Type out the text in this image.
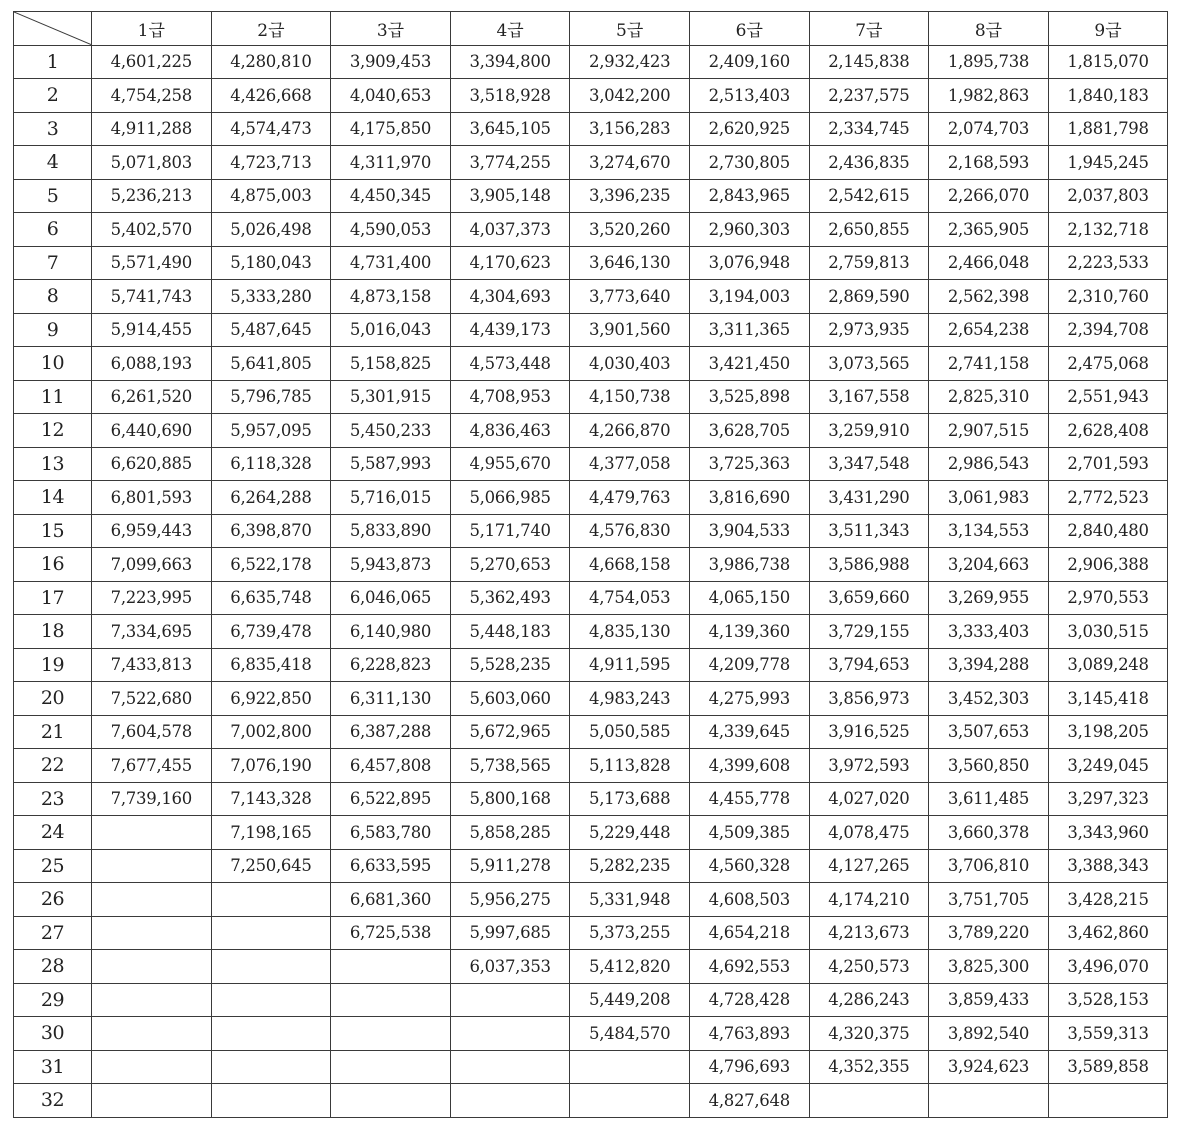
	1급	2급	3급	4급	5급	6급	7급	8급	9급
1	4,601,225	4,280,810	3,909,453	3,394,800	2,932,423	2,409,160	2,145,838	1,895,738	1,815,070
2	4,754,258	4,426,668	4,040,653	3,518,928	3,042,200	2,513,403	2,237,575	1,982,863	1,840,183
3	4,911,288	4,574,473	4,175,850	3,645,105	3,156,283	2,620,925	2,334,745	2,074,703	1,881,798
4	5,071,803	4,723,713	4,311,970	3,774,255	3,274,670	2,730,805	2,436,835	2,168,593	1,945,245
5	5,236,213	4,875,003	4,450,345	3,905,148	3,396,235	2,843,965	2,542,615	2,266,070	2,037,803
6	5,402,570	5,026,498	4,590,053	4,037,373	3,520,260	2,960,303	2,650,855	2,365,905	2,132,718
7	5,571,490	5,180,043	4,731,400	4,170,623	3,646,130	3,076,948	2,759,813	2,466,048	2,223,533
8	5,741,743	5,333,280	4,873,158	4,304,693	3,773,640	3,194,003	2,869,590	2,562,398	2,310,760
9	5,914,455	5,487,645	5,016,043	4,439,173	3,901,560	3,311,365	2,973,935	2,654,238	2,394,708
10	6,088,193	5,641,805	5,158,825	4,573,448	4,030,403	3,421,450	3,073,565	2,741,158	2,475,068
11	6,261,520	5,796,785	5,301,915	4,708,953	4,150,738	3,525,898	3,167,558	2,825,310	2,551,943
12	6,440,690	5,957,095	5,450,233	4,836,463	4,266,870	3,628,705	3,259,910	2,907,515	2,628,408
13	6,620,885	6,118,328	5,587,993	4,955,670	4,377,058	3,725,363	3,347,548	2,986,543	2,701,593
14	6,801,593	6,264,288	5,716,015	5,066,985	4,479,763	3,816,690	3,431,290	3,061,983	2,772,523
15	6,959,443	6,398,870	5,833,890	5,171,740	4,576,830	3,904,533	3,511,343	3,134,553	2,840,480
16	7,099,663	6,522,178	5,943,873	5,270,653	4,668,158	3,986,738	3,586,988	3,204,663	2,906,388
17	7,223,995	6,635,748	6,046,065	5,362,493	4,754,053	4,065,150	3,659,660	3,269,955	2,970,553
18	7,334,695	6,739,478	6,140,980	5,448,183	4,835,130	4,139,360	3,729,155	3,333,403	3,030,515
19	7,433,813	6,835,418	6,228,823	5,528,235	4,911,595	4,209,778	3,794,653	3,394,288	3,089,248
20	7,522,680	6,922,850	6,311,130	5,603,060	4,983,243	4,275,993	3,856,973	3,452,303	3,145,418
21	7,604,578	7,002,800	6,387,288	5,672,965	5,050,585	4,339,645	3,916,525	3,507,653	3,198,205
22	7,677,455	7,076,190	6,457,808	5,738,565	5,113,828	4,399,608	3,972,593	3,560,850	3,249,045
23	7,739,160	7,143,328	6,522,895	5,800,168	5,173,688	4,455,778	4,027,020	3,611,485	3,297,323
24		7,198,165	6,583,780	5,858,285	5,229,448	4,509,385	4,078,475	3,660,378	3,343,960
25		7,250,645	6,633,595	5,911,278	5,282,235	4,560,328	4,127,265	3,706,810	3,388,343
26			6,681,360	5,956,275	5,331,948	4,608,503	4,174,210	3,751,705	3,428,215
27			6,725,538	5,997,685	5,373,255	4,654,218	4,213,673	3,789,220	3,462,860
28				6,037,353	5,412,820	4,692,553	4,250,573	3,825,300	3,496,070
29					5,449,208	4,728,428	4,286,243	3,859,433	3,528,153
30					5,484,570	4,763,893	4,320,375	3,892,540	3,559,313
31						4,796,693	4,352,355	3,924,623	3,589,858
32						4,827,648			
